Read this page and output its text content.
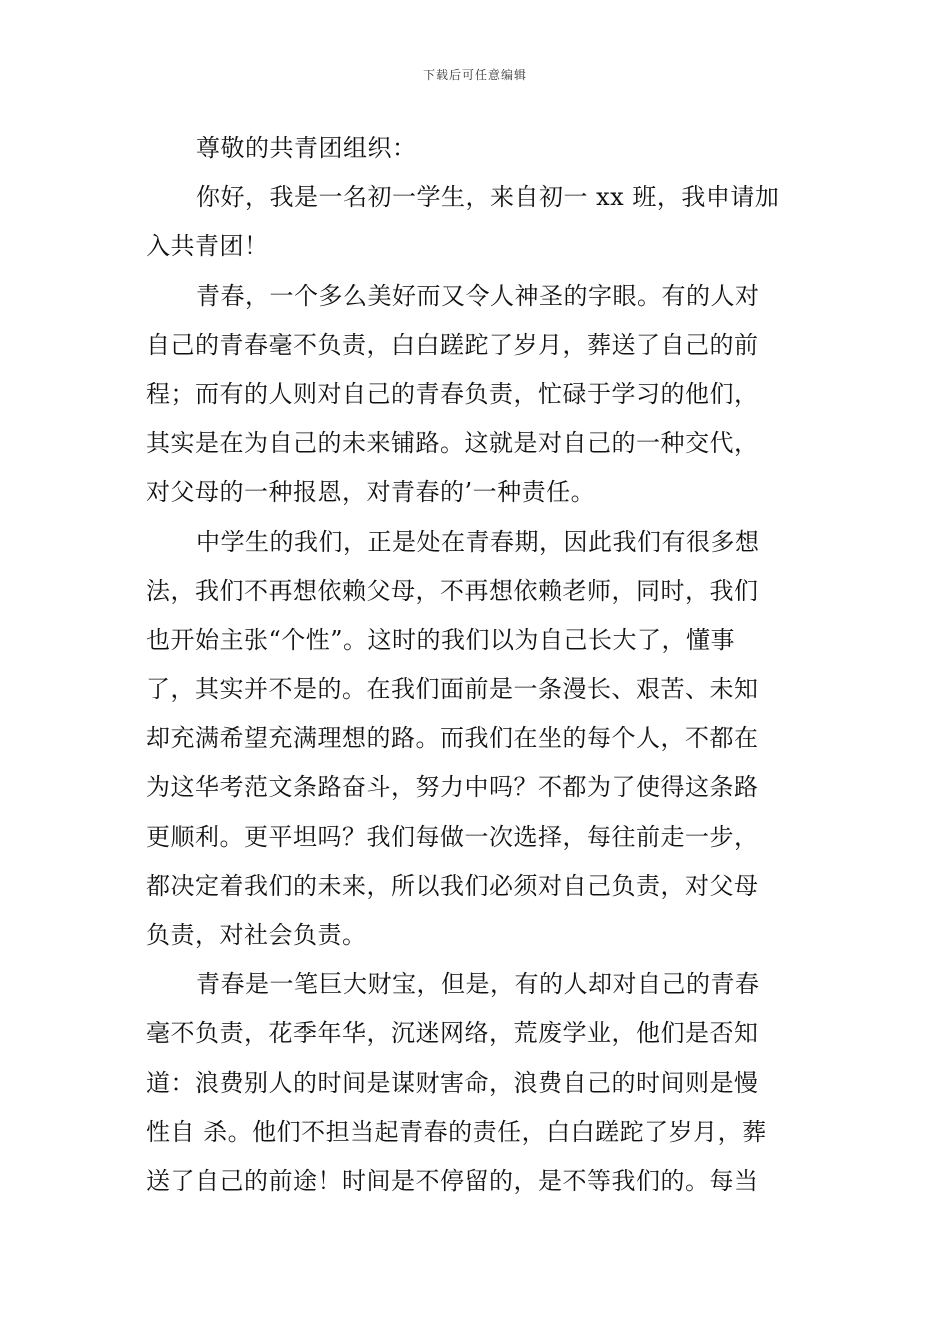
下载后可任意编辑
尊敬的共青团组织：
你好，我是一名初一学生，来自初一 xx 班，我申请加
入共青团！
青春，一个多么美好而又令人神圣的字眼。有的人对
自己的青春毫不负责，白白蹉跎了岁月，葬送了自己的前
程；而有的人则对自己的青春负责，忙碌于学习的他们，
其实是在为自己的未来铺路。这就是对自己的一种交代，
对父母的一种报恩，对青春的’一种责任。
中学生的我们，正是处在青春期，因此我们有很多想
法，我们不再想依赖父母，不再想依赖老师，同时，我们
也开始主张“个性”。这时的我们以为自己长大了，懂事
了，其实并不是的。在我们面前是一条漫长、艰苦、未知
却充满希望充满理想的路。而我们在坐的每个人，不都在
为这华考范文条路奋斗，努力中吗？不都为了使得这条路
更顺利。更平坦吗？我们每做一次选择，每往前走一步，
都决定着我们的未来，所以我们必须对自己负责，对父母
负责，对社会负责。
青春是一笔巨大财宝，但是，有的人却对自己的青春
毫不负责，花季年华，沉迷网络，荒废学业，他们是否知
道：浪费别人的时间是谋财害命，浪费自己的时间则是慢
性自 杀。他们不担当起青春的责任，白白蹉跎了岁月，葬
送了自己的前途！时间是不停留的，是不等我们的。每当
